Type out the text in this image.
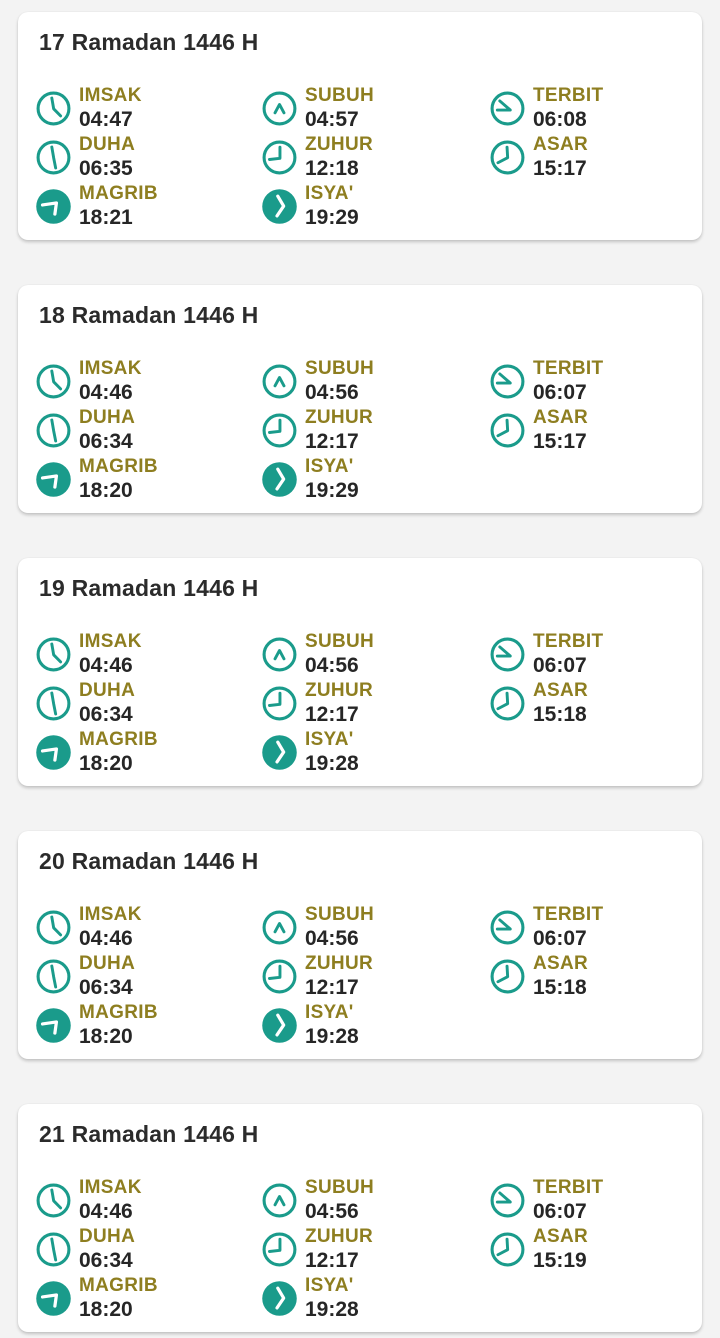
17 Ramadan 1446 H
IMSAK
04:47
SUBUH
04:57
TERBIT
06:08
DUHA
06:35
ZUHUR
12:18
ASAR
15:17
MAGRIB
18:21
ISYA'
19:29
18 Ramadan 1446 H
IMSAK
04:46
SUBUH
04:56
TERBIT
06:07
DUHA
06:34
ZUHUR
12:17
ASAR
15:17
MAGRIB
18:20
ISYA'
19:29
19 Ramadan 1446 H
IMSAK
04:46
SUBUH
04:56
TERBIT
06:07
DUHA
06:34
ZUHUR
12:17
ASAR
15:18
MAGRIB
18:20
ISYA'
19:28
20 Ramadan 1446 H
IMSAK
04:46
SUBUH
04:56
TERBIT
06:07
DUHA
06:34
ZUHUR
12:17
ASAR
15:18
MAGRIB
18:20
ISYA'
19:28
21 Ramadan 1446 H
IMSAK
04:46
SUBUH
04:56
TERBIT
06:07
DUHA
06:34
ZUHUR
12:17
ASAR
15:19
MAGRIB
18:20
ISYA'
19:28
